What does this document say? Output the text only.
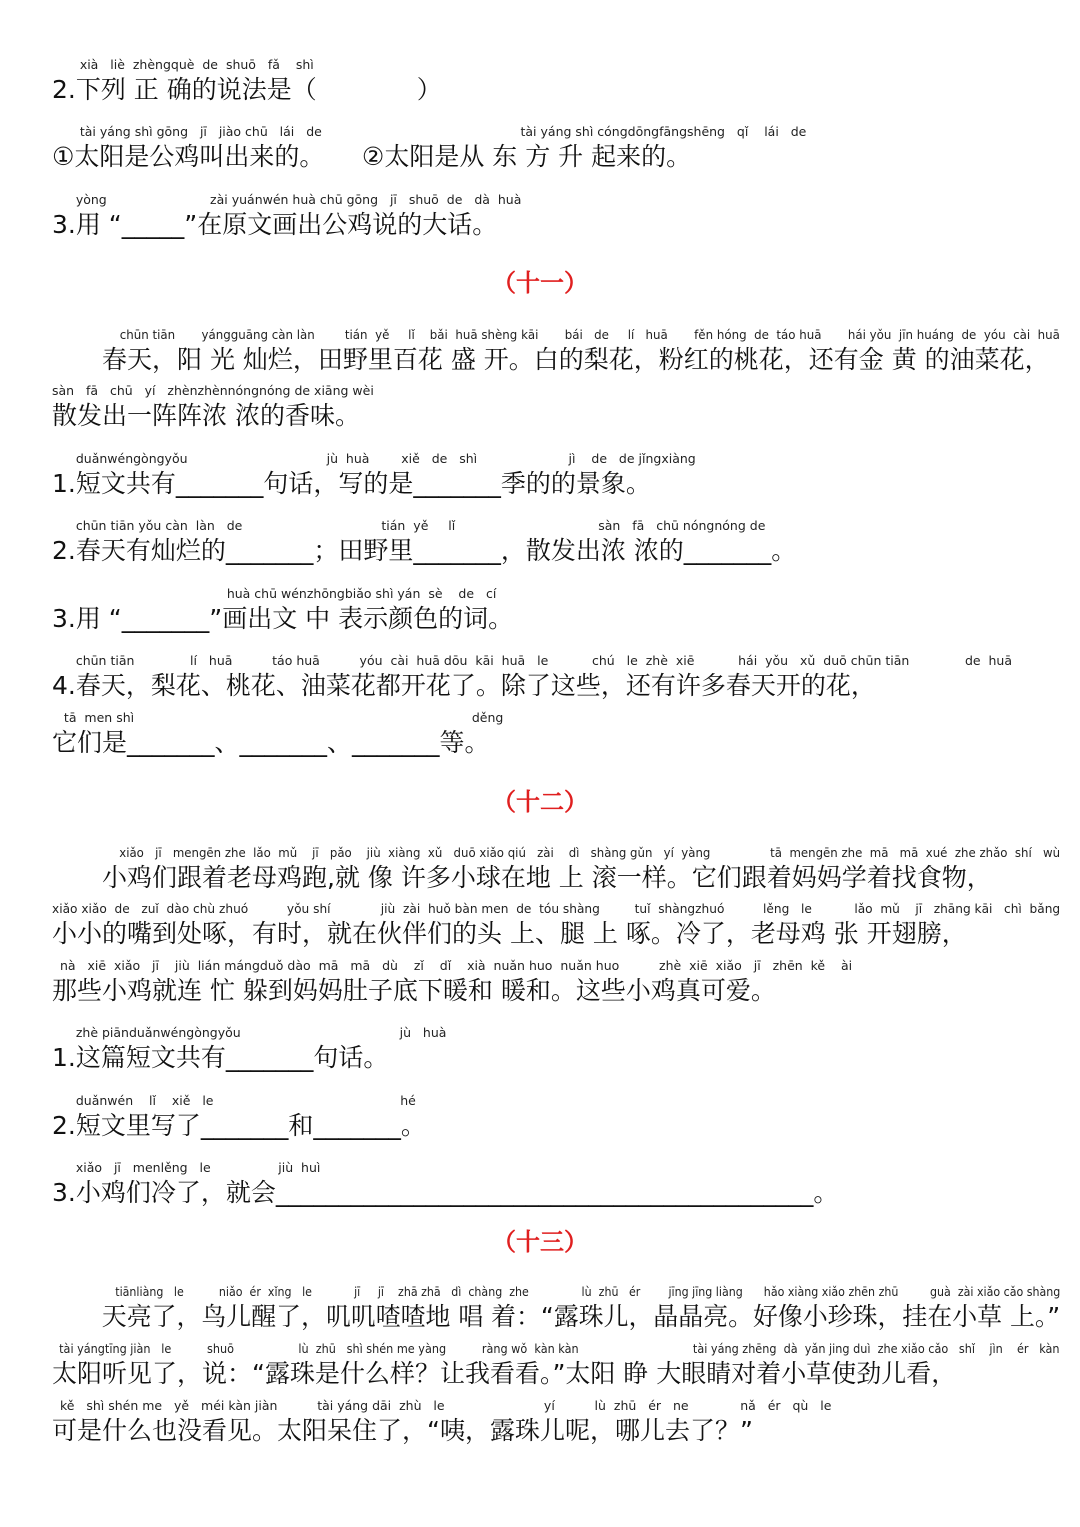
xià   liè  zhèngquè  de  shuō   fǎ    shì
2.下列 正 确的说法是（　　　　）
tài yáng shì gōng   jī   jiào chū   lái   de                                                  tài yáng shì cóngdōngfāngshēng   qǐ    lái   de
①太阳是公鸡叫出来的。　　②太阳是从 东 方 升 起来的。
yòng                          zài yuánwén huà chū gōng   jī   shuō  de   dà  huà
3.用 “_____”在原文画出公鸡说的大话。
（十一）
chūn tiān       yángguāng càn làn        tián  yě     lǐ    bǎi  huā shèng kāi       bái   de     lí   huā       fěn hóng  de  táo huā       hái yǒu  jīn huáng  de  yóu  cài  huā
　　春天，阳 光 灿烂，田野里百花 盛 开。白的梨花，粉红的桃花，还有金 黄 的油菜花，
sàn   fā   chū   yí   zhènzhènnóngnóng de xiāng wèi
散发出一阵阵浓 浓的香味。
duǎnwéngòngyǒu                                   jù  huà        xiě   de   shì                       jì    de   de jǐngxiàng
1.短文共有_______句话，写的是_______季的的景象。
chūn tiān yǒu càn  làn   de                                   tián  yě     lǐ                                    sàn   fā   chū nóngnóng de
2.春天有灿烂的_______；田野里_______，散发出浓 浓的_______。
huà chū wénzhōngbiǎo shì yán  sè    de   cí
3.用 “_______”画出文 中 表示颜色的词。
chūn tiān              lí   huā          táo huā          yóu  cài  huā dōu  kāi  huā   le           chú   le  zhè  xiē           hái  yǒu   xǔ  duō chūn tiān              de  huā
4.春天，梨花、桃花、油菜花都开花了。除了这些，还有许多春天开的花，
tā  men shì                                                                                     děng
它们是_______、_______、_______等。
（十二）
xiǎo   jī   mengēn zhe  lǎo  mǔ    jī   pǎo    jiù  xiàng  xǔ   duō xiǎo qiú   zài    dì   shàng gǔn   yí  yàng                tā  mengēn zhe  mā   mā  xué  zhe zhǎo  shí   wù
　　小鸡们跟着老母鸡跑,就 像 许多小球在地 上 滚一样。它们跟着妈妈学着找食物，
xiǎo xiǎo  de   zuǐ  dào chù zhuó          yǒu shí             jiù  zài  huǒ bàn men  de  tóu shàng         tuǐ  shàngzhuó          lěng   le           lǎo  mǔ    jī   zhāng kāi   chì  bǎng
小小的嘴到处啄，有时，就在伙伴们的头 上、腿 上 啄。冷了，老母鸡 张 开翅膀，
nà   xiē  xiǎo   jī    jiù  lián mángduǒ dào  mā   mā   dù    zǐ    dǐ    xià  nuǎn huo  nuǎn huo          zhè  xiē  xiǎo   jī   zhēn  kě    ài
那些小鸡就连 忙 躲到妈妈肚子底下暖和 暖和。这些小鸡真可爱。
zhè piānduǎnwéngòngyǒu                                        jù   huà
1.这篇短文共有_______句话。
duǎnwén    lǐ    xiě   le                                               hé
2.短文里写了_______和_______。
xiǎo   jī   menlěng   le                 jiù  huì
3.小鸡们冷了，就会___________________________________________。
（十三）
tiānliàng   le          niǎo  ér  xǐng   le            jī     jī    zhā zhā   dì  chàng  zhe               lù  zhū   ér        jīng jīng liàng      hǎo xiàng xiǎo zhēn zhū         guà  zài xiǎo cǎo shàng
　　天亮了，鸟儿醒了，叽叽喳喳地 唱 着：“露珠儿，晶晶亮。好像小珍珠，挂在小草 上。”
tài yángtīng jiàn   le          shuō                  lù  zhū   shì shén me yàng          ràng wǒ  kàn kàn                                tài yáng zhēng  dà  yǎn jing duì  zhe xiǎo cǎo   shǐ    jìn    ér   kàn
太阳听见了，说：“露珠是什么样？让我看看。”太阳 睁 大眼睛对着小草使劲儿看，
kě   shì shén me   yě   méi kàn jiàn          tài yáng dāi  zhù   le                         yí          lù  zhū   ér   ne             nǎ   ér   qù   le
可是什么也没看见。太阳呆住了，“咦，露珠儿呢，哪儿去了？”
